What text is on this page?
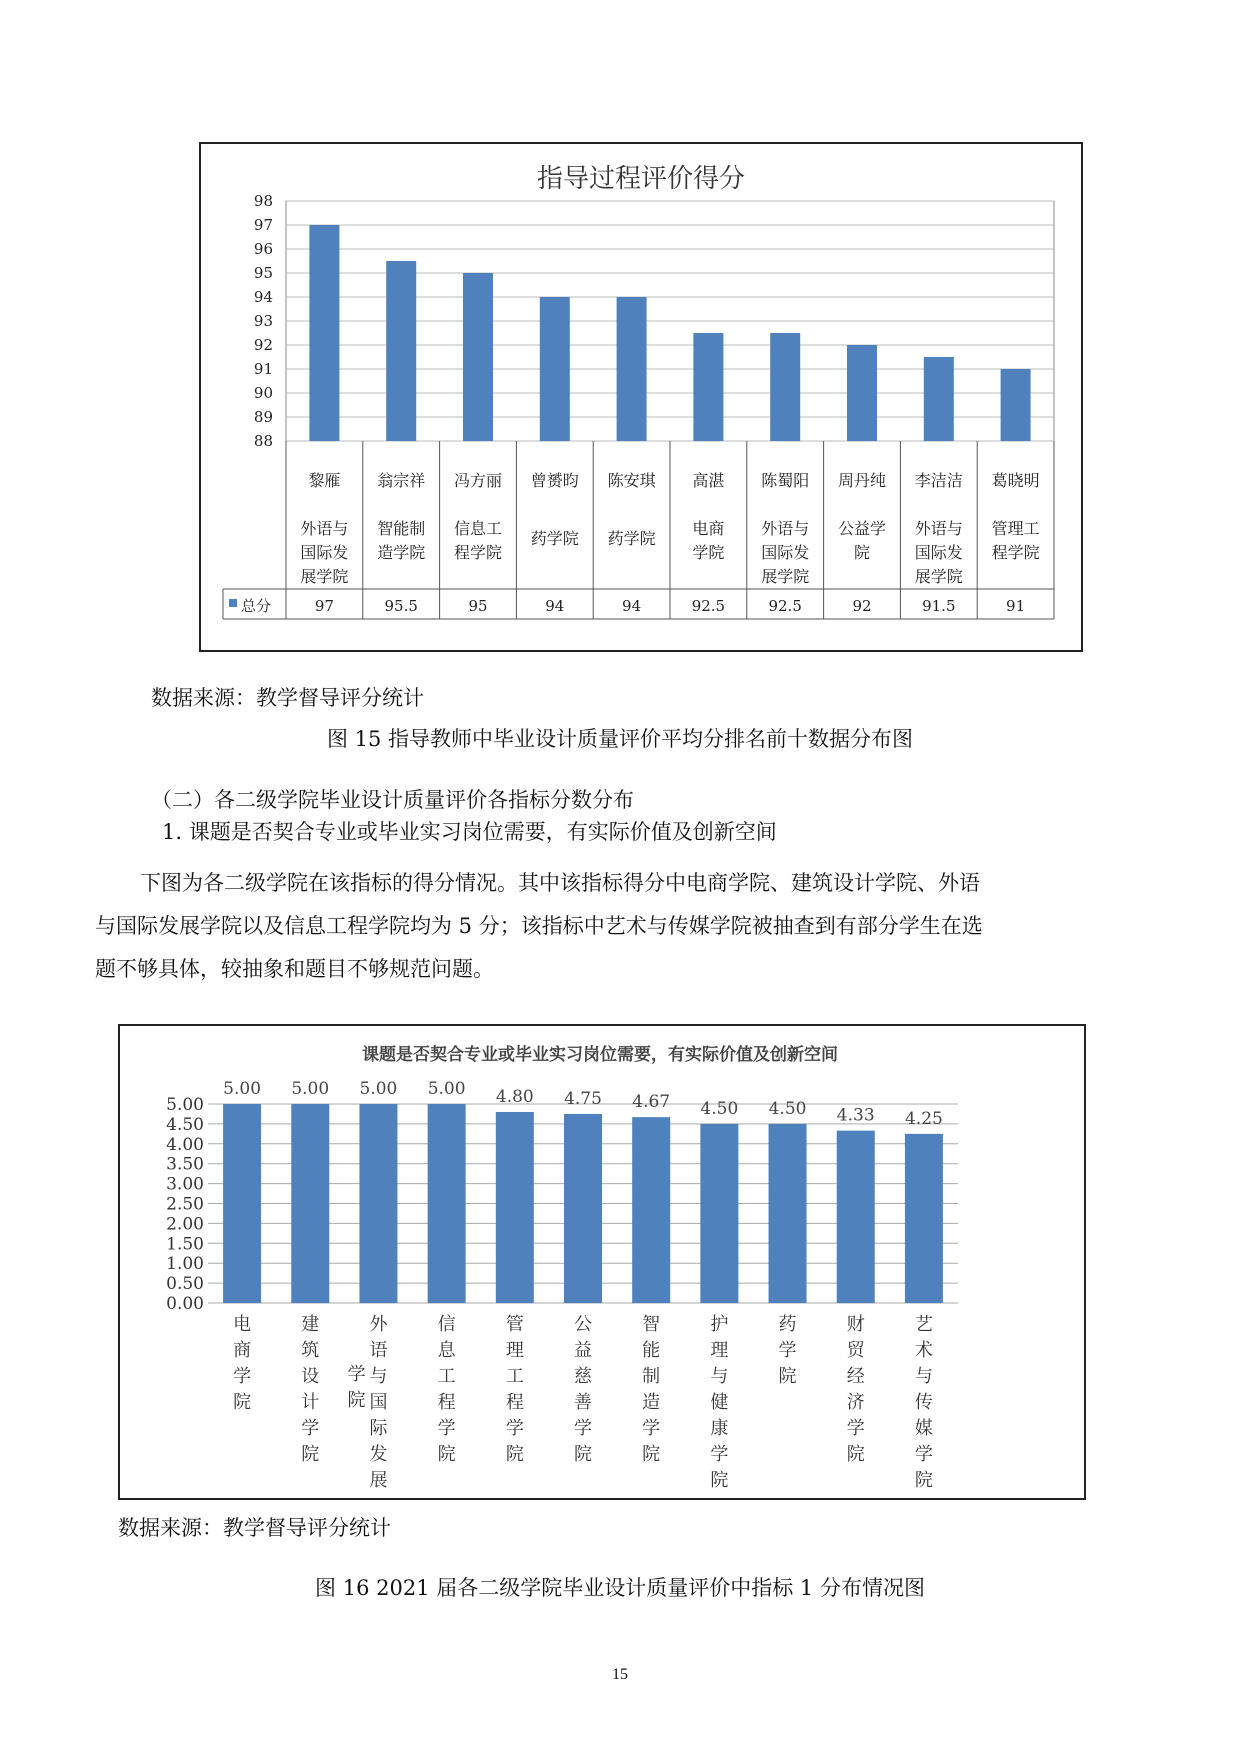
指导过程评价得分
88
89
90
91
92
93
94
95
96
97
98
黎雁
外语与
国际发
展学院
97
翁宗祥
智能制
造学院
95.5
冯方丽
信息工
程学院
95
曾赟昀
药学院
94
陈安琪
药学院
94
高湛
电商
学院
92.5
陈蜀阳
外语与
国际发
展学院
92.5
周丹纯
公益学
院
92
李洁洁
外语与
国际发
展学院
91.5
葛晓明
管理工
程学院
91
总分
数据来源：教学督导评分统计
图 15 指导教师中毕业设计质量评价平均分排名前十数据分布图
（二）各二级学院毕业设计质量评价各指标分数分布
1. 课题是否契合专业或毕业实习岗位需要，有实际价值及创新空间
下图为各二级学院在该指标的得分情况。其中该指标得分中电商学院、建筑设计学院、外语
与国际发展学院以及信息工程学院均为 5 分；该指标中艺术与传媒学院被抽查到有部分学生在选
题不够具体，较抽象和题目不够规范问题。
课题是否契合专业或毕业实习岗位需要，有实际价值及创新空间
0.00
0.50
1.00
1.50
2.00
2.50
3.00
3.50
4.00
4.50
5.00
5.00 5.00 5.00 5.00 4.80 4.75 4.67 4.50 4.50 4.33 4.25
电
商
学
院
建
筑
设
计
学
院
学
院
外
语
与
国
际
发
展
信
息
工
程
学
院
管
理
工
程
学
院
公
益
慈
善
学
院
智
能
制
造
学
院
护
理
与
健
康
学
院
药
学
院
财
贸
经
济
学
院
艺
术
与
传
媒
学
院
数据来源：教学督导评分统计
图 16 2021 届各二级学院毕业设计质量评价中指标 1 分布情况图
15
